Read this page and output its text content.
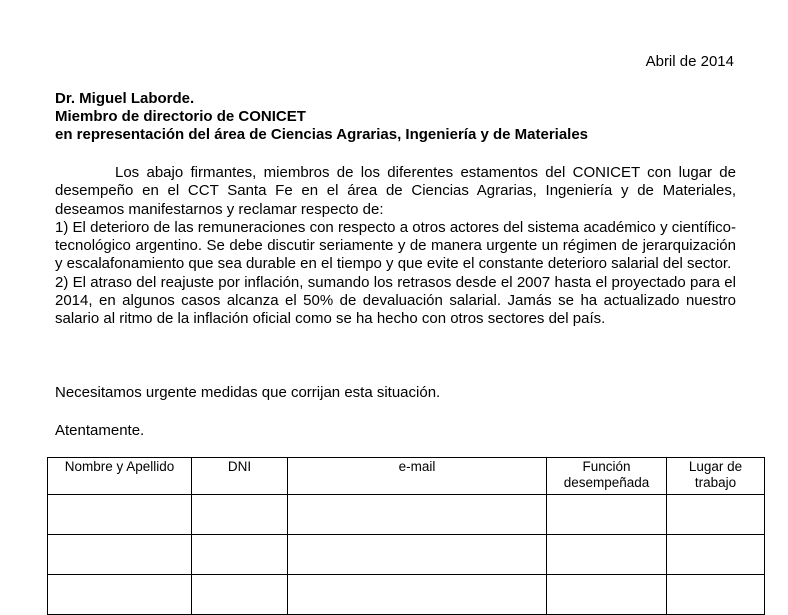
Abril de 2014
Dr. Miguel Laborde.
Miembro de directorio de CONICET
en representación del área de Ciencias Agrarias, Ingeniería y de Materiales

Los abajo firmantes, miembros de los diferentes estamentos del CONICET con lugar de desempeño en el CCT Santa Fe en el área de Ciencias Agrarias, Ingeniería y de Materiales, deseamos manifestarnos y reclamar respecto de:

1) El deterioro de las remuneraciones con respecto a otros actores del sistema académico y científico-tecnológico argentino. Se debe discutir seriamente y de manera urgente un régimen de jerarquización y escalafonamiento que sea durable en el tiempo y que evite el constante deterioro salarial del sector.

2) El atraso del reajuste por inflación, sumando los retrasos desde el 2007 hasta el proyectado para el 2014, en algunos casos alcanza el 50% de devaluación salarial. Jamás se ha actualizado nuestro salario al ritmo de la inflación oficial como se ha hecho con otros sectores del país.

Necesitamos urgente medidas que corrijan esta situación.
Atentamente.
Nombre y Apellido	DNI	e-mail	Función desempeñada	Lugar de trabajo
